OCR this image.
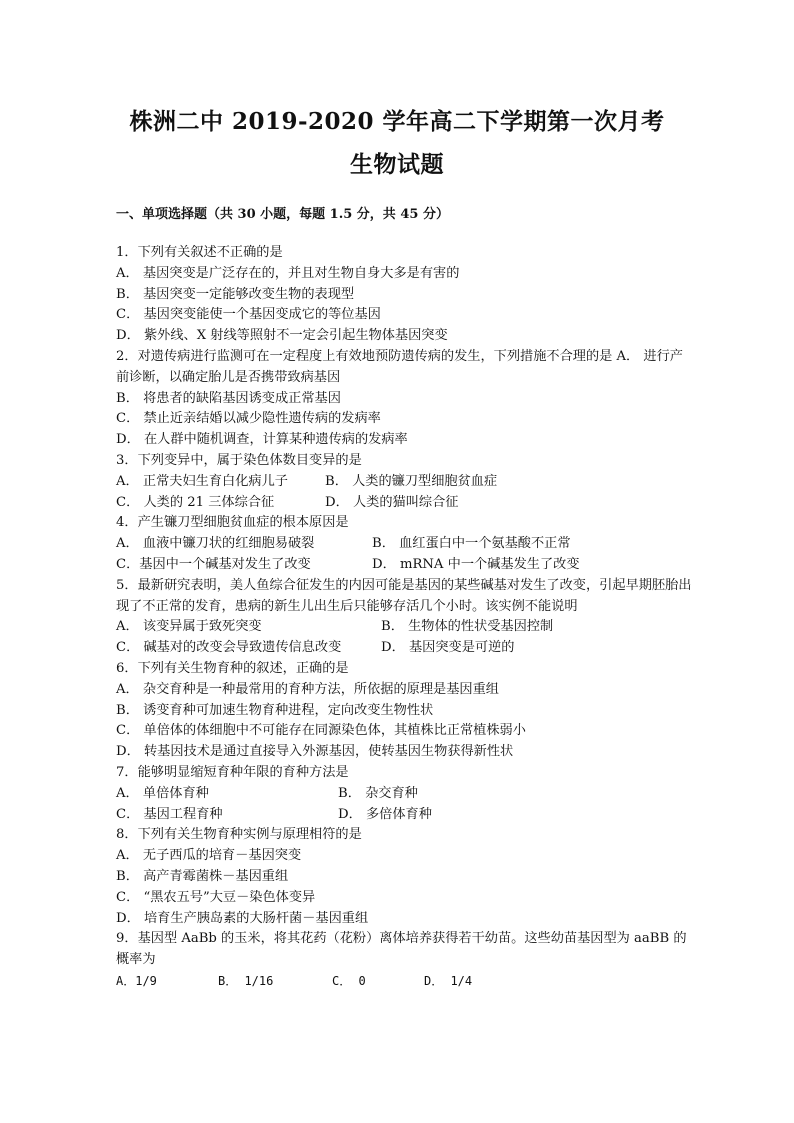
株洲二中 2019-2020 学年高二下学期第一次月考
生物试题
一、单项选择题（共 30 小题，每题 1.5 分，共 45 分）
1．下列有关叙述不正确的是
A． 基因突变是广泛存在的，并且对生物自身大多是有害的
B． 基因突变一定能够改变生物的表现型
C． 基因突变能使一个基因变成它的等位基因
D． 紫外线、X 射线等照射不一定会引起生物体基因突变
2．对遗传病进行监测可在一定程度上有效地预防遗传病的发生，下列措施不合理的是 A． 进行产前诊断，以确定胎儿是否携带致病基因
B． 将患者的缺陷基因诱变成正常基因
C． 禁止近亲结婚以减少隐性遗传病的发病率
D． 在人群中随机调查，计算某种遗传病的发病率
3．下列变异中，属于染色体数目变异的是
A． 正常夫妇生育白化病儿子	B． 人类的镰刀型细胞贫血症
C． 人类的 21 三体综合征	D． 人类的猫叫综合征
4．产生镰刀型细胞贫血症的根本原因是
A． 血液中镰刀状的红细胞易破裂	B． 血红蛋白中一个氨基酸不正常
C．基因中一个碱基对发生了改变	D． mRNA 中一个碱基发生了改变
5．最新研究表明，美人鱼综合征发生的内因可能是基因的某些碱基对发生了改变，引起早期胚胎出现了不正常的发育，患病的新生儿出生后只能够存活几个小时。该实例不能说明
A． 该变异属于致死突变	B． 生物体的性状受基因控制
C． 碱基对的改变会导致遗传信息改变	D． 基因突变是可逆的
6．下列有关生物育种的叙述，正确的是
A． 杂交育种是一种最常用的育种方法，所依据的原理是基因重组
B． 诱变育种可加速生物育种进程，定向改变生物性状
C． 单倍体的体细胞中不可能存在同源染色体，其植株比正常植株弱小
D． 转基因技术是通过直接导入外源基因，使转基因生物获得新性状
7．能够明显缩短育种年限的育种方法是
A． 单倍体育种	B． 杂交育种
C． 基因工程育种	D． 多倍体育种
8．下列有关生物育种实例与原理相符的是
A． 无子西瓜的培育－基因突变
B． 高产青霉菌株－基因重组
C． “黑农五号”大豆－染色体变异
D． 培育生产胰岛素的大肠杆菌－基因重组
9．基因型 AaBb 的玉米，将其花药（花粉）离体培养获得若干幼苗。这些幼苗基因型为 aaBB 的概率为
A．1/9	B． 1/16	C． 0	D． 1/4
